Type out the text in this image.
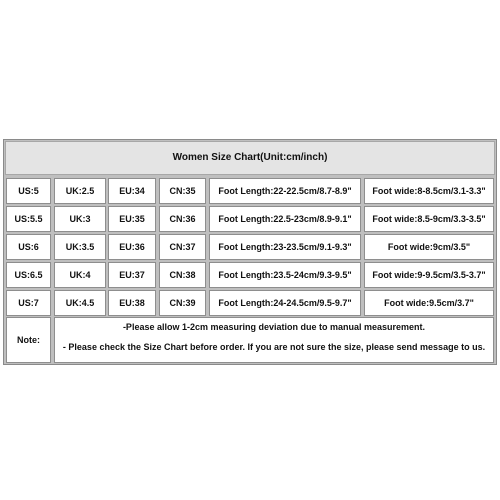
Women Size Chart(Unit:cm/inch)
US:5	UK:2.5	EU:34	CN:35	Foot Length:22-22.5cm/8.7-8.9"	Foot wide:8-8.5cm/3.1-3.3"
US:5.5	UK:3	EU:35	CN:36	Foot Length:22.5-23cm/8.9-9.1"	Foot wide:8.5-9cm/3.3-3.5"
US:6	UK:3.5	EU:36	CN:37	Foot Length:23-23.5cm/9.1-9.3"	Foot wide:9cm/3.5"
US:6.5	UK:4	EU:37	CN:38	Foot Length:23.5-24cm/9.3-9.5"	Foot wide:9-9.5cm/3.5-3.7"
US:7	UK:4.5	EU:38	CN:39	Foot Length:24-24.5cm/9.5-9.7"	Foot wide:9.5cm/3.7"
Note:
-Please allow 1-2cm measuring deviation due to manual measurement.
- Please check the Size Chart before order. If you are not sure the size, please send message to us.
